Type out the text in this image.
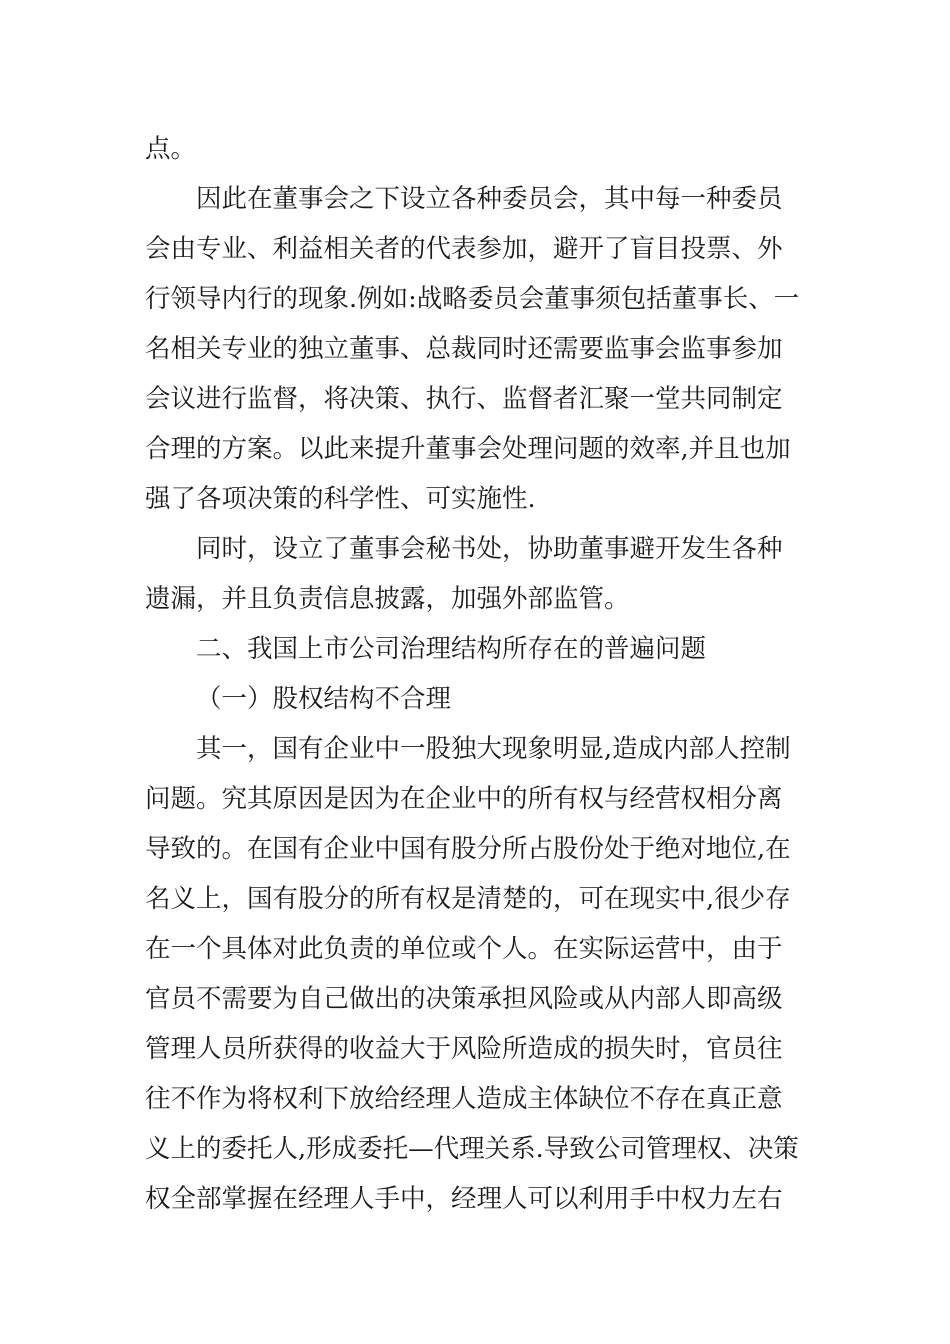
点。
因此在董事会之下设立各种委员会，其中每一种委员
会由专业、利益相关者的代表参加，避开了盲目投票、外
行领导内行的现象.例如:战略委员会董事须包括董事长、一
名相关专业的独立董事、总裁同时还需要监事会监事参加
会议进行监督，将决策、执行、监督者汇聚一堂共同制定
合理的方案。以此来提升董事会处理问题的效率,并且也加
强了各项决策的科学性、可实施性.
同时，设立了董事会秘书处，协助董事避开发生各种
遗漏，并且负责信息披露，加强外部监管。
二、我国上市公司治理结构所存在的普遍问题
（一）股权结构不合理
其一，国有企业中一股独大现象明显,造成内部人控制
问题。究其原因是因为在企业中的所有权与经营权相分离
导致的。在国有企业中国有股分所占股份处于绝对地位,在
名义上，国有股分的所有权是清楚的，可在现实中,很少存
在一个具体对此负责的单位或个人。在实际运营中，由于
官员不需要为自己做出的决策承担风险或从内部人即高级
管理人员所获得的收益大于风险所造成的损失时，官员往
往不作为将权利下放给经理人造成主体缺位不存在真正意
义上的委托人,形成委托—代理关系.导致公司管理权、决策
权全部掌握在经理人手中，经理人可以利用手中权力左右
